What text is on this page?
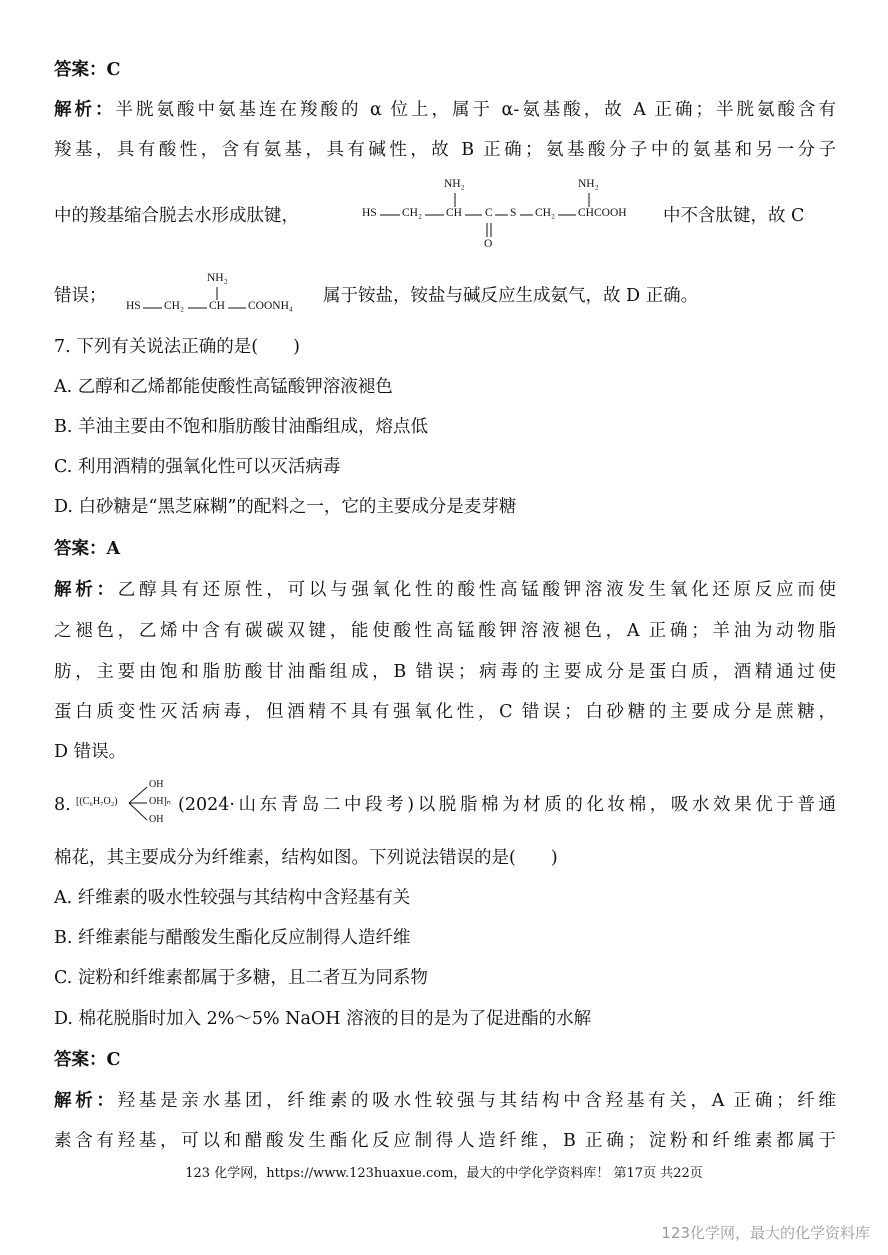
答案：C
解析：半胱氨酸中氨基连在羧酸的 α 位上，属于 α-氨基酸，故 A 正确；半胱氨酸含有
羧基，具有酸性，含有氨基，具有碱性，故 B 正确；氨基酸分子中的氨基和另一分子
中的羧基缩合脱去水形成肽键，
NH₂	NH₂
HS CH₂ CH C S CH₂ CHCOOH
O
中不含肽键，故 C
错误；
NH₂
HS CH₂ CH COONH₄ 属于铵盐，铵盐与碱反应生成氨气，故 D 正确。
7. 下列有关说法正确的是(　　)
A. 乙醇和乙烯都能使酸性高锰酸钾溶液褪色
B. 羊油主要由不饱和脂肪酸甘油酯组成，熔点低
C. 利用酒精的强氧化性可以灭活病毒
D. 白砂糖是“黑芝麻糊”的配料之一，它的主要成分是麦芽糖
答案：A
解析：乙醇具有还原性，可以与强氧化性的酸性高锰酸钾溶液发生氧化还原反应而使
之褪色，乙烯中含有碳碳双键，能使酸性高锰酸钾溶液褪色，A 正确；羊油为动物脂
肪，主要由饱和脂肪酸甘油酯组成，B 错误；病毒的主要成分是蛋白质，酒精通过使
蛋白质变性灭活病毒，但酒精不具有强氧化性，C 错误；白砂糖的主要成分是蔗糖，
D 错误。
8. [(C₆H₇O₂)
OH
OH]ₙ
OH
(2024·山东青岛二中段考)以脱脂棉为材质的化妆棉，吸水效果优于普通
棉花，其主要成分为纤维素，结构如图。下列说法错误的是(　　)
A. 纤维素的吸水性较强与其结构中含羟基有关
B. 纤维素能与醋酸发生酯化反应制得人造纤维
C. 淀粉和纤维素都属于多糖，且二者互为同系物
D. 棉花脱脂时加入 2%～5% NaOH 溶液的目的是为了促进酯的水解
答案：C
解析：羟基是亲水基团，纤维素的吸水性较强与其结构中含羟基有关，A 正确；纤维
素含有羟基，可以和醋酸发生酯化反应制得人造纤维，B 正确；淀粉和纤维素都属于
123 化学网，https://www.123huaxue.com，最大的中学化学资料库！ 第17页 共22页
123化学网，最大的化学资料库
